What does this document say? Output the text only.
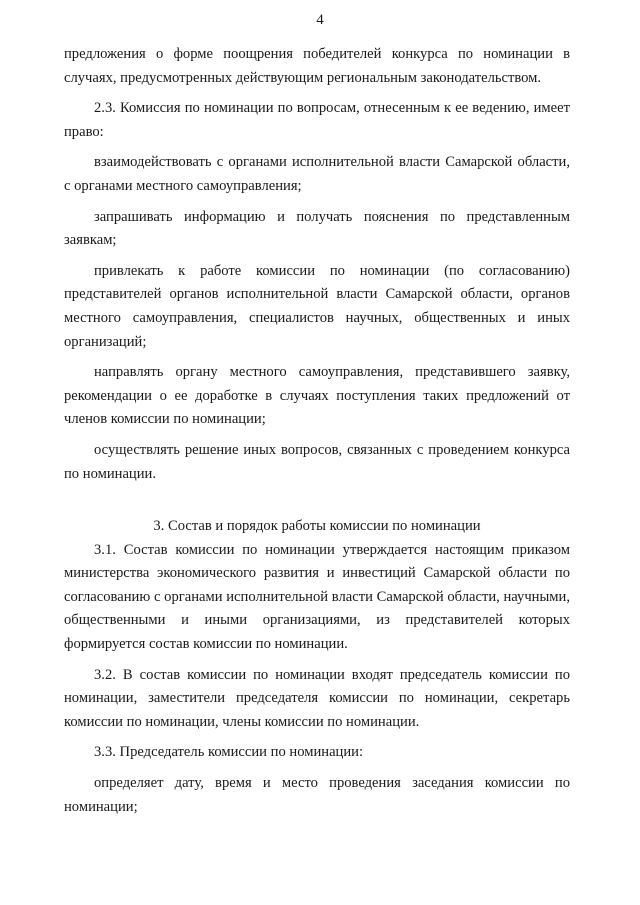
4

предложения о форме поощрения победителей конкурса по номинации в случаях, предусмотренных действующим региональным законодательством.

2.3. Комиссия по номинации по вопросам, отнесенным к ее ведению, имеет право:

взаимодействовать с органами исполнительной власти Самарской области, с органами местного самоуправления;

запрашивать информацию и получать пояснения по представленным заявкам;

привлекать к работе комиссии по номинации (по согласованию) представителей органов исполнительной власти Самарской области, органов местного самоуправления, специалистов научных, общественных и иных организаций;

направлять органу местного самоуправления, представившего заявку, рекомендации о ее доработке в случаях поступления таких предложений от членов комиссии по номинации;

осуществлять решение иных вопросов, связанных с проведением конкурса по номинации.

3. Состав и порядок работы комиссии по номинации

3.1. Состав комиссии по номинации утверждается настоящим приказом министерства экономического развития и инвестиций Самарской области по согласованию с органами исполнительной власти Самарской области, научными, общественными и иными организациями, из представителей которых формируется состав комиссии по номинации.

3.2. В состав комиссии по номинации входят председатель комиссии по номинации, заместители председателя комиссии по номинации, секретарь комиссии по номинации, члены комиссии по номинации.

3.3. Председатель комиссии по номинации:

определяет дату, время и место проведения заседания комиссии по номинации;
